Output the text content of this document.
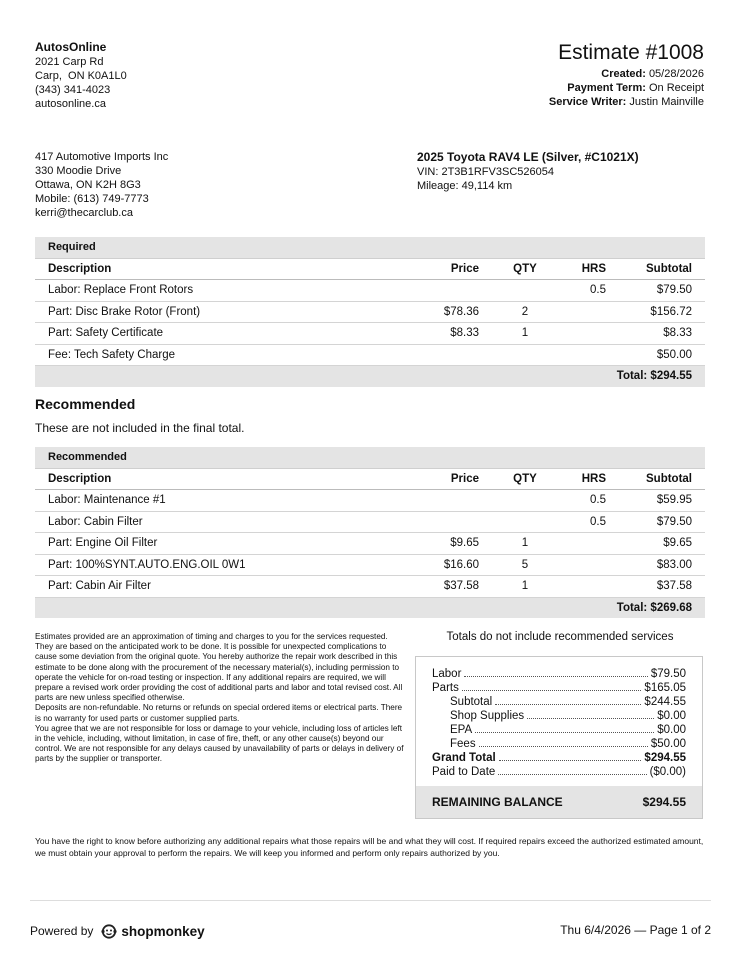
AutosOnline
2021 Carp Rd
Carp,  ON K0A1L0
(343) 341-4023
autosonline.ca
Estimate #1008
Created: 05/28/2026
Payment Term: On Receipt
Service Writer: Justin Mainville
417 Automotive Imports Inc
330 Moodie Drive
Ottawa, ON K2H 8G3
Mobile: (613) 749-7773
kerri@thecarclub.ca
2025 Toyota RAV4 LE (Silver, #C1021X)
VIN: 2T3B1RFV3SC526054
Mileage: 49,114 km
Required				
Description	Price	QTY	HRS	Subtotal
Labor: Replace Front Rotors			0.5	$79.50
Part: Disc Brake Rotor (Front)	$78.36	2		$156.72
Part: Safety Certificate	$8.33	1		$8.33
Fee: Tech Safety Charge				$50.00
Total: $294.55				
Recommended
These are not included in the final total.
Recommended				
Description	Price	QTY	HRS	Subtotal
Labor: Maintenance #1			0.5	$59.95
Labor: Cabin Filter			0.5	$79.50
Part: Engine Oil Filter	$9.65	1		$9.65
Part: 100%SYNT.AUTO.ENG.OIL 0W1	$16.60	5		$83.00
Part: Cabin Air Filter	$37.58	1		$37.58
Total: $269.68				
Estimates provided are an approximation of timing and charges to you for the services requested. They are based on the anticipated work to be done. It is possible for unexpected complications to cause some deviation from the original quote. You hereby authorize the repair work described in this estimate to be done along with the procurement of the necessary material(s), including permission to operate the vehicle for on-road testing or inspection. If any additional repairs are required, we will prepare a revised work order providing the cost of additional parts and labor and total revised cost. All parts are new unless specified otherwise.
Deposits are non-refundable. No returns or refunds on special ordered items or electrical parts. There is no warranty for used parts or customer supplied parts.
You agree that we are not responsible for loss or damage to your vehicle, including loss of articles left in the vehicle, including, without limitation, in case of fire, theft, or any other cause(s) beyond our control. We are not responsible for any delays caused by unavailability of parts or delays in delivery of parts by the supplier or transporter.
Totals do not include recommended services
Labor	$79.50
Parts	$165.05
Subtotal	$244.55
Shop Supplies	$0.00
EPA	$0.00
Fees	$50.00
Grand Total	$294.55
Paid to Date	($0.00)
REMAINING BALANCE	$294.55
You have the right to know before authorizing any additional repairs what those repairs will be and what they will cost. If required repairs exceed the authorized estimated amount, we must obtain your approval to perform the repairs. We will keep you informed and perform only repairs authorized by you.
Powered by shopmonkey	Thu 6/4/2026 — Page 1 of 2
